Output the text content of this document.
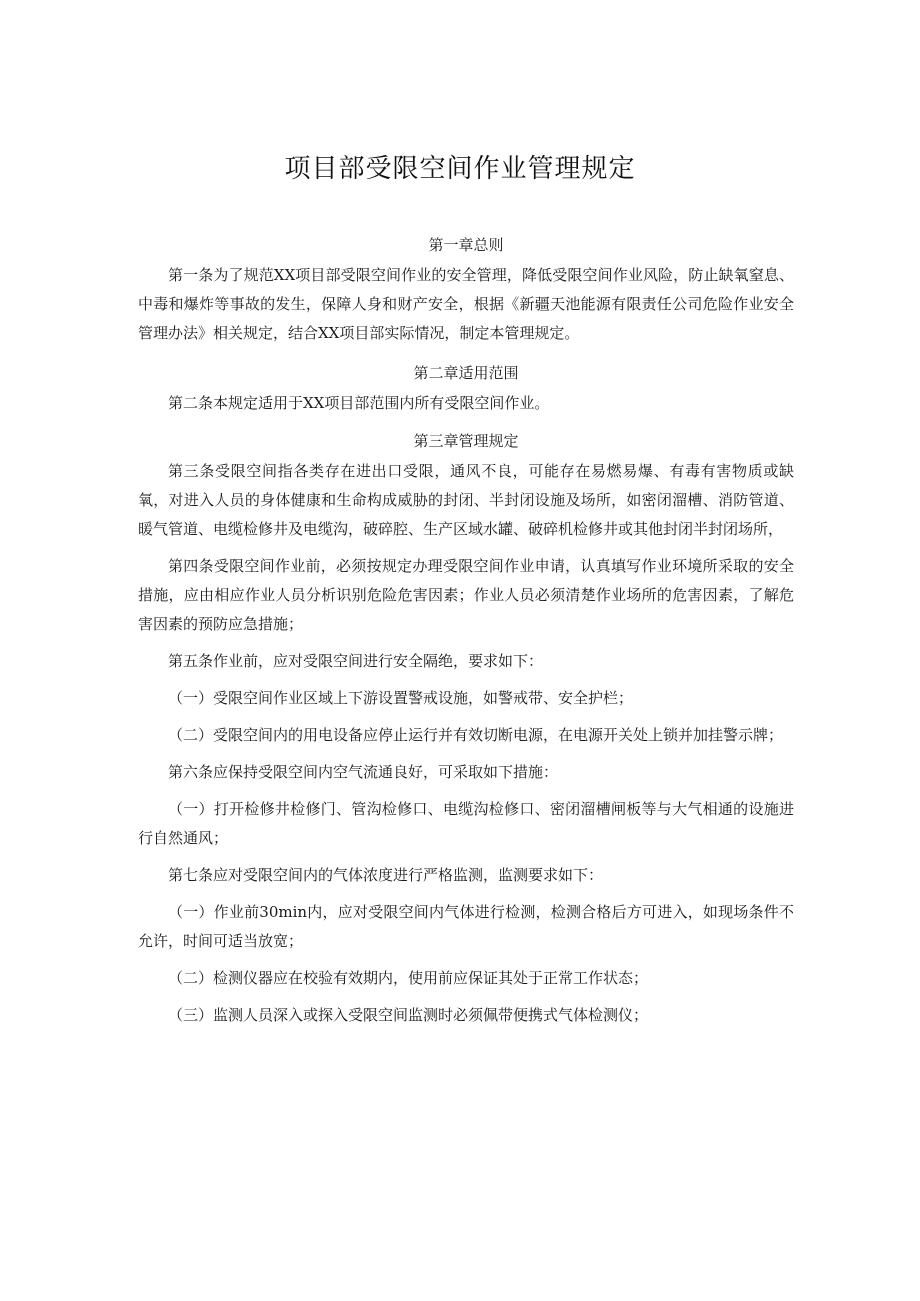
项目部受限空间作业管理规定

第一章总则

第一条为了规范XX项目部受限空间作业的安全管理，降低受限空间作业风险，防止缺氧窒息、中毒和爆炸等事故的发生，保障人身和财产安全，根据《新疆天池能源有限责任公司危险作业安全管理办法》相关规定，结合XX项目部实际情况，制定本管理规定。

第二章适用范围

第二条本规定适用于XX项目部范围内所有受限空间作业。

第三章管理规定

第三条受限空间指各类存在进出口受限，通风不良，可能存在易燃易爆、有毒有害物质或缺氧，对进入人员的身体健康和生命构成威胁的封闭、半封闭设施及场所，如密闭溜槽、消防管道、暖气管道、电缆检修井及电缆沟，破碎腔、生产区域水罐、破碎机检修井或其他封闭半封闭场所，

第四条受限空间作业前，必须按规定办理受限空间作业申请，认真填写作业环境所采取的安全措施，应由相应作业人员分析识别危险危害因素；作业人员必须清楚作业场所的危害因素，了解危害因素的预防应急措施；

第五条作业前，应对受限空间进行安全隔绝，要求如下：

（一）受限空间作业区域上下游设置警戒设施，如警戒带、安全护栏；

（二）受限空间内的用电设备应停止运行并有效切断电源，在电源开关处上锁并加挂警示牌；

第六条应保持受限空间内空气流通良好，可采取如下措施：

（一）打开检修井检修门、管沟检修口、电缆沟检修口、密闭溜槽闸板等与大气相通的设施进行自然通风；

第七条应对受限空间内的气体浓度进行严格监测，监测要求如下：

（一）作业前30min内，应对受限空间内气体进行检测，检测合格后方可进入，如现场条件不允许，时间可适当放宽；

（二）检测仪器应在校验有效期内，使用前应保证其处于正常工作状态；

（三）监测人员深入或探入受限空间监测时必须佩带便携式气体检测仪；
